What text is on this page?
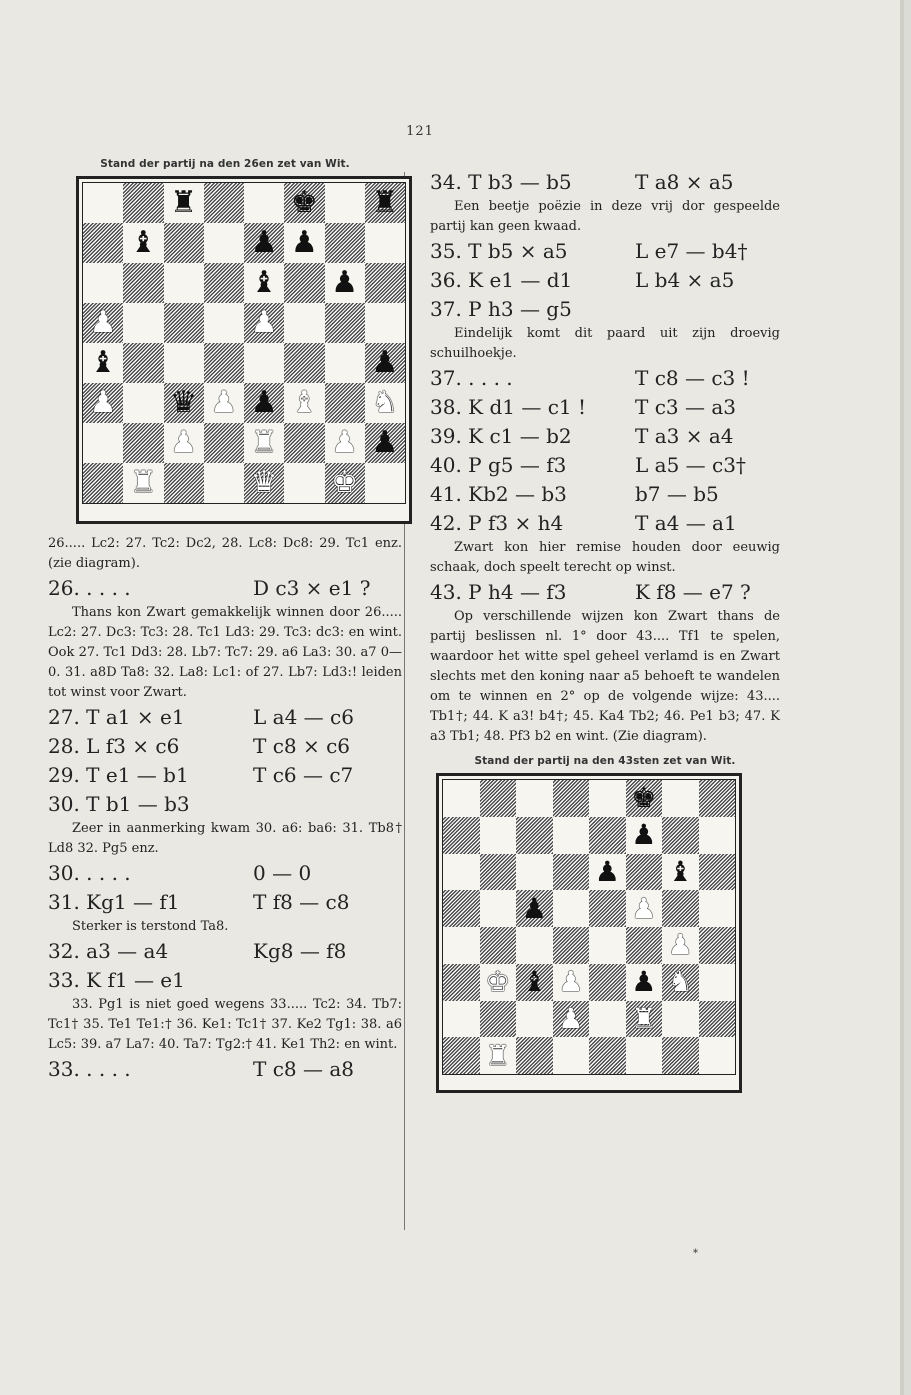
121
Stand der partij na den 26en zet van Wit.
♜	♚ ♜
♝	♟ ♟
♝ ♟
♟	♟
♝	♟
♟ ♛ ♟ ♟ ♝ ♞
♟ ♜ ♟ ♟
♜	♛ ♚

26..... Lc2: 27. Tc2: Dc2, 28. Lc8: Dc8: 29. Tc1 enz. (zie diagram).

26. . . . .	D c3 × e1 ?

Thans kon Zwart gemakkelijk winnen door 26..... Lc2: 27. Dc3: Tc3: 28. Tc1 Ld3: 29. Tc3: dc3: en wint. Ook 27. Tc1 Dd3: 28. Lb7: Tc7: 29. a6 La3: 30. a7 0—0. 31. a8D Ta8: 32. La8: Lc1: of 27. Lb7: Ld3:! leiden tot winst voor Zwart.

27. T a1 × e1	L a4 — c6
28. L f3 × c6	T c8 × c6
29. T e1 — b1	T c6 — c7
30. T b1 — b3

Zeer in aanmerking kwam 30. a6: ba6: 31. Tb8† Ld8 32. Pg5 enz.

30. . . . .	0 — 0
31. Kg1 — f1	T f8 — c8

Sterker is terstond Ta8.

32. a3 — a4	Kg8 — f8
33. K f1 — e1

33. Pg1 is niet goed wegens 33..... Tc2: 34. Tb7: Tc1† 35. Te1 Te1:† 36. Ke1: Tc1† 37. Ke2 Tg1: 38. a6 Lc5: 39. a7 La7: 40. Ta7: Tg2:† 41. Ke1 Th2: en wint.

33. . . . .	T c8 — a8
34. T b3 — b5	T a8 × a5

Een beetje poëzie in deze vrij dor gespeelde partij kan geen kwaad.

35. T b5 × a5	L e7 — b4†
36. K e1 — d1	L b4 × a5
37. P h3 — g5

Eindelijk komt dit paard uit zijn droevig schuilhoekje.

37. . . . .	T c8 — c3 !
38. K d1 — c1 !	T c3 — a3
39. K c1 — b2	T a3 × a4
40. P g5 — f3	L a5 — c3†
41. Kb2 — b3	b7 — b5
42. P f3 × h4	T a4 — a1

Zwart kon hier remise houden door eeuwig schaak, doch speelt terecht op winst.

43. P h4 — f3	K f8 — e7 ?

Op verschillende wijzen kon Zwart thans de partij beslissen nl. 1° door 43.... Tf1 te spelen, waardoor het witte spel geheel verlamd is en Zwart slechts met den koning naar a5 behoeft te wandelen om te winnen en 2° op de volgende wijze: 43.... Tb1†; 44. K a3! b4†; 45. Ka4 Tb2; 46. Pe1 b3; 47. K a3 Tb1; 48. Pf3 b2 en wint. (Zie diagram).

Stand der partij na den 43sten zet van Wit.
♚
♟
♟ ♝
♟	♟
♟
♚ ♝ ♟ ♟ ♞
♟ ♜
♜
*
